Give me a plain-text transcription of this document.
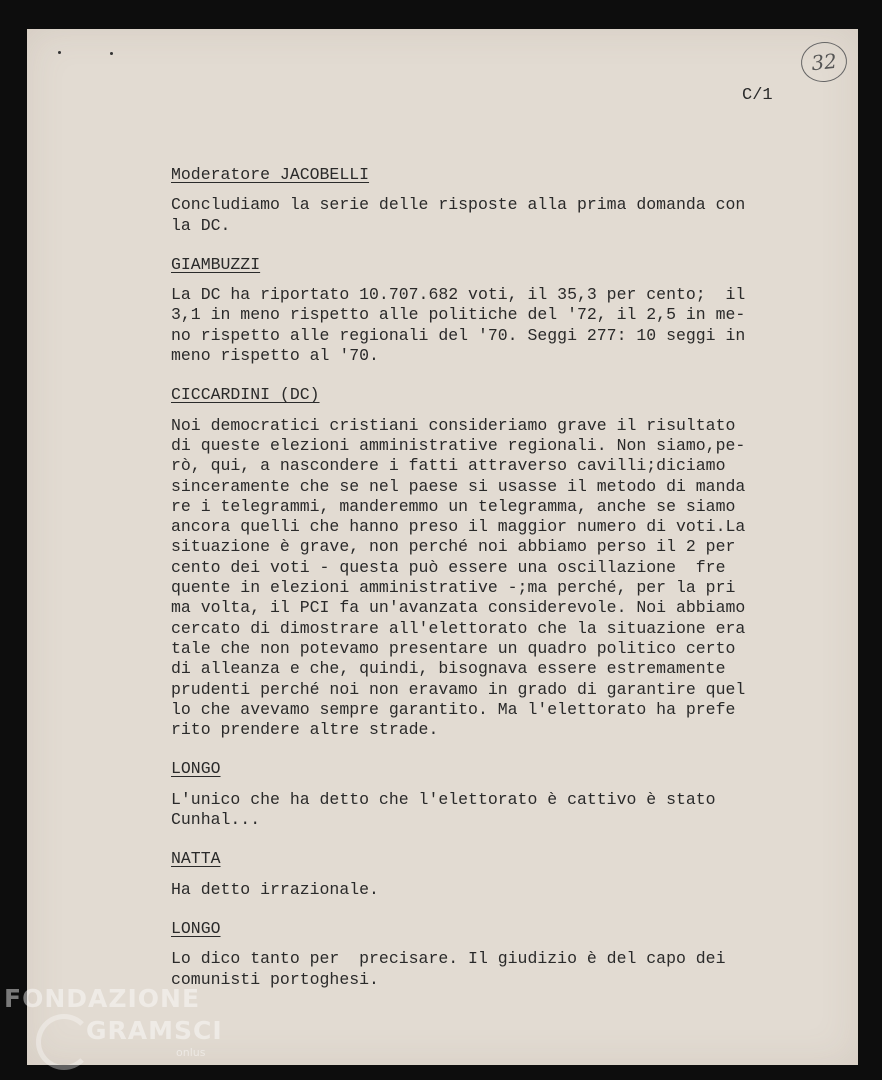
32
C/1
Moderatore JACOBELLI
Concludiamo la serie delle risposte alla prima domanda con
la DC.
GIAMBUZZI
La DC ha riportato 10.707.682 voti, il 35,3 per cento;  il
3,1 in meno rispetto alle politiche del '72, il 2,5 in me-
no rispetto alle regionali del '70. Seggi 277: 10 seggi in
meno rispetto al '70.
CICCARDINI (DC)
Noi democratici cristiani consideriamo grave il risultato
di queste elezioni amministrative regionali. Non siamo,pe-
rò, qui, a nascondere i fatti attraverso cavilli;diciamo
sinceramente che se nel paese si usasse il metodo di manda
re i telegrammi, manderemmo un telegramma, anche se siamo
ancora quelli che hanno preso il maggior numero di voti.La
situazione è grave, non perché noi abbiamo perso il 2 per
cento dei voti - questa può essere una oscillazione  fre
quente in elezioni amministrative -;ma perché, per la pri
ma volta, il PCI fa un'avanzata considerevole. Noi abbiamo
cercato di dimostrare all'elettorato che la situazione era
tale che non potevamo presentare un quadro politico certo
di alleanza e che, quindi, bisognava essere estremamente
prudenti perché noi non eravamo in grado di garantire quel
lo che avevamo sempre garantito. Ma l'elettorato ha prefe
rito prendere altre strade.
LONGO
L'unico che ha detto che l'elettorato è cattivo è stato
Cunhal...
NATTA
Ha detto irrazionale.
LONGO
Lo dico tanto per  precisare. Il giudizio è del capo dei
comunisti portoghesi.
FONDAZIONE
GRAMSCI
onlus
